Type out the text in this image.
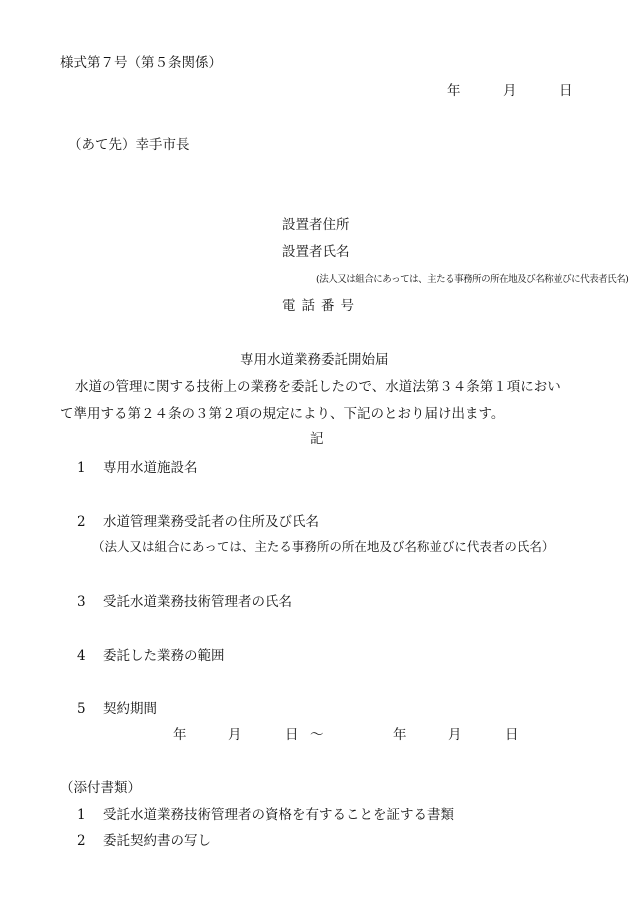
様式第７号（第５条関係）
年	月	日
（あて先）幸手市長
設置者住所
設置者氏名
(法人又は組合にあっては、主たる事務所の所在地及び名称並びに代表者氏名)
電話番号
専用水道業務委託開始届
水道の管理に関する技術上の業務を委託したので、水道法第３４条第１項におい
て準用する第２４条の３第２項の規定により、下記のとおり届け出ます。
記
1 専用水道施設名
2 水道管理業務受託者の住所及び氏名
（法人又は組合にあっては、主たる事務所の所在地及び名称並びに代表者の氏名）
3 受託水道業務技術管理者の氏名
4 委託した業務の範囲
5 契約期間
年	月	日 ～	年	月	日
（添付書類）
1 受託水道業務技術管理者の資格を有することを証する書類
2 委託契約書の写し
